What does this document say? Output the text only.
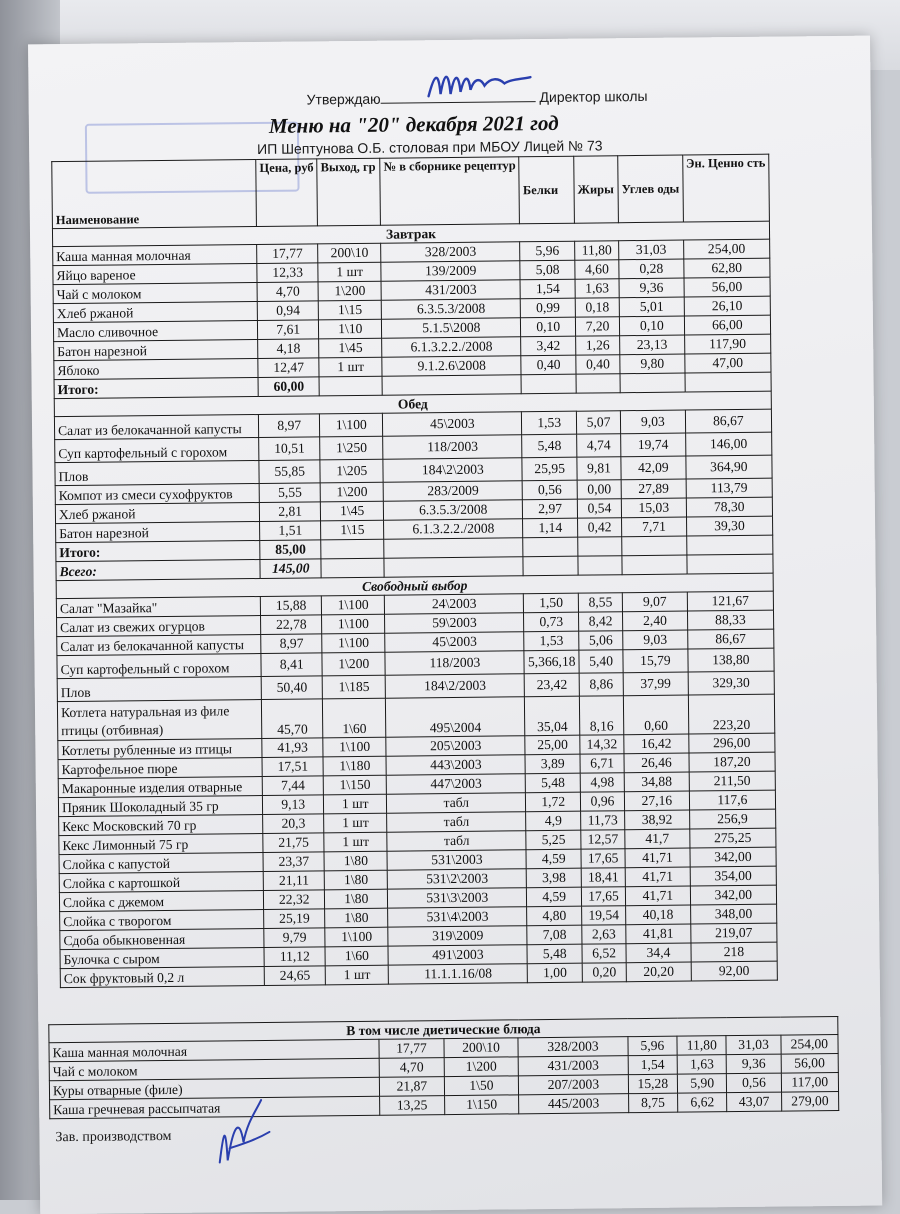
Утверждаю	Директор школы
Меню на "20" декабря 2021 год
ИП Шептунова О.Б. столовая при МБОУ Лицей № 73
Наименование	Цена, руб	Выход, гр	№ в сборнике рецептур	Белки	Жиры	Углев оды	Эн. Ценно сть
Завтрак							
Каша манная молочная	17,77	200\10	328/2003	5,96	11,80	31,03	254,00
Яйцо вареное	12,33	1 шт	139/2009	5,08	4,60	0,28	62,80
Чай с молоком	4,70	1\200	431/2003	1,54	1,63	9,36	56,00
Хлеб ржаной	0,94	1\15	6.3.5.3/2008	0,99	0,18	5,01	26,10
Масло сливочное	7,61	1\10	5.1.5\2008	0,10	7,20	0,10	66,00
Батон нарезной	4,18	1\45	6.1.3.2.2./2008	3,42	1,26	23,13	117,90
Яблоко	12,47	1 шт	9.1.2.6\2008	0,40	0,40	9,80	47,00
Итого:	60,00						
Обед							
Салат из белокачанной капусты	8,97	1\100	45\2003	1,53	5,07	9,03	86,67
Суп картофельный с горохом	10,51	1\250	118/2003	5,48	4,74	19,74	146,00
Плов	55,85	1\205	184\2\2003	25,95	9,81	42,09	364,90
Компот из смеси сухофруктов	5,55	1\200	283/2009	0,56	0,00	27,89	113,79
Хлеб ржаной	2,81	1\45	6.3.5.3/2008	2,97	0,54	15,03	78,30
Батон нарезной	1,51	1\15	6.1.3.2.2./2008	1,14	0,42	7,71	39,30
Итого:	85,00						
Всего:	145,00						
Свободный выбор							
Салат "Мазайка"	15,88	1\100	24\2003	1,50	8,55	9,07	121,67
Салат из свежих огурцов	22,78	1\100	59\2003	0,73	8,42	2,40	88,33
Салат из белокачанной капусты	8,97	1\100	45\2003	1,53	5,06	9,03	86,67
Суп картофельный с горохом	8,41	1\200	118/2003	5,366,18	5,40	15,79	138,80
Плов	50,40	1\185	184\2/2003	23,42	8,86	37,99	329,30
Котлета натуральная из филе птицы (отбивная)	45,70	1\60	495\2004	35,04	8,16	0,60	223,20
Котлеты рубленные из птицы	41,93	1\100	205\2003	25,00	14,32	16,42	296,00
Картофельное пюре	17,51	1\180	443\2003	3,89	6,71	26,46	187,20
Макаронные изделия отварные	7,44	1\150	447\2003	5,48	4,98	34,88	211,50
Пряник Шоколадный 35 гр	9,13	1 шт	табл	1,72	0,96	27,16	117,6
Кекс Московский 70 гр	20,3	1 шт	табл	4,9	11,73	38,92	256,9
Кекс Лимонный 75 гр	21,75	1 шт	табл	5,25	12,57	41,7	275,25
Слойка с капустой	23,37	1\80	531\2003	4,59	17,65	41,71	342,00
Слойка с картошкой	21,11	1\80	531\2\2003	3,98	18,41	41,71	354,00
Слойка с джемом	22,32	1\80	531\3\2003	4,59	17,65	41,71	342,00
Слойка с творогом	25,19	1\80	531\4\2003	4,80	19,54	40,18	348,00
Сдоба обыкновенная	9,79	1\100	319\2009	7,08	2,63	41,81	219,07
Булочка с сыром	11,12	1\60	491\2003	5,48	6,52	34,4	218
Сок фруктовый 0,2 л	24,65	1 шт	11.1.1.16/08	1,00	0,20	20,20	92,00
В том числе диетические блюда							
Каша манная молочная	17,77	200\10	328/2003	5,96	11,80	31,03	254,00
Чай с молоком	4,70	1\200	431/2003	1,54	1,63	9,36	56,00
Куры отварные (филе)	21,87	1\50	207/2003	15,28	5,90	0,56	117,00
Каша гречневая рассыпчатая	13,25	1\150	445/2003	8,75	6,62	43,07	279,00
Зав. производством
